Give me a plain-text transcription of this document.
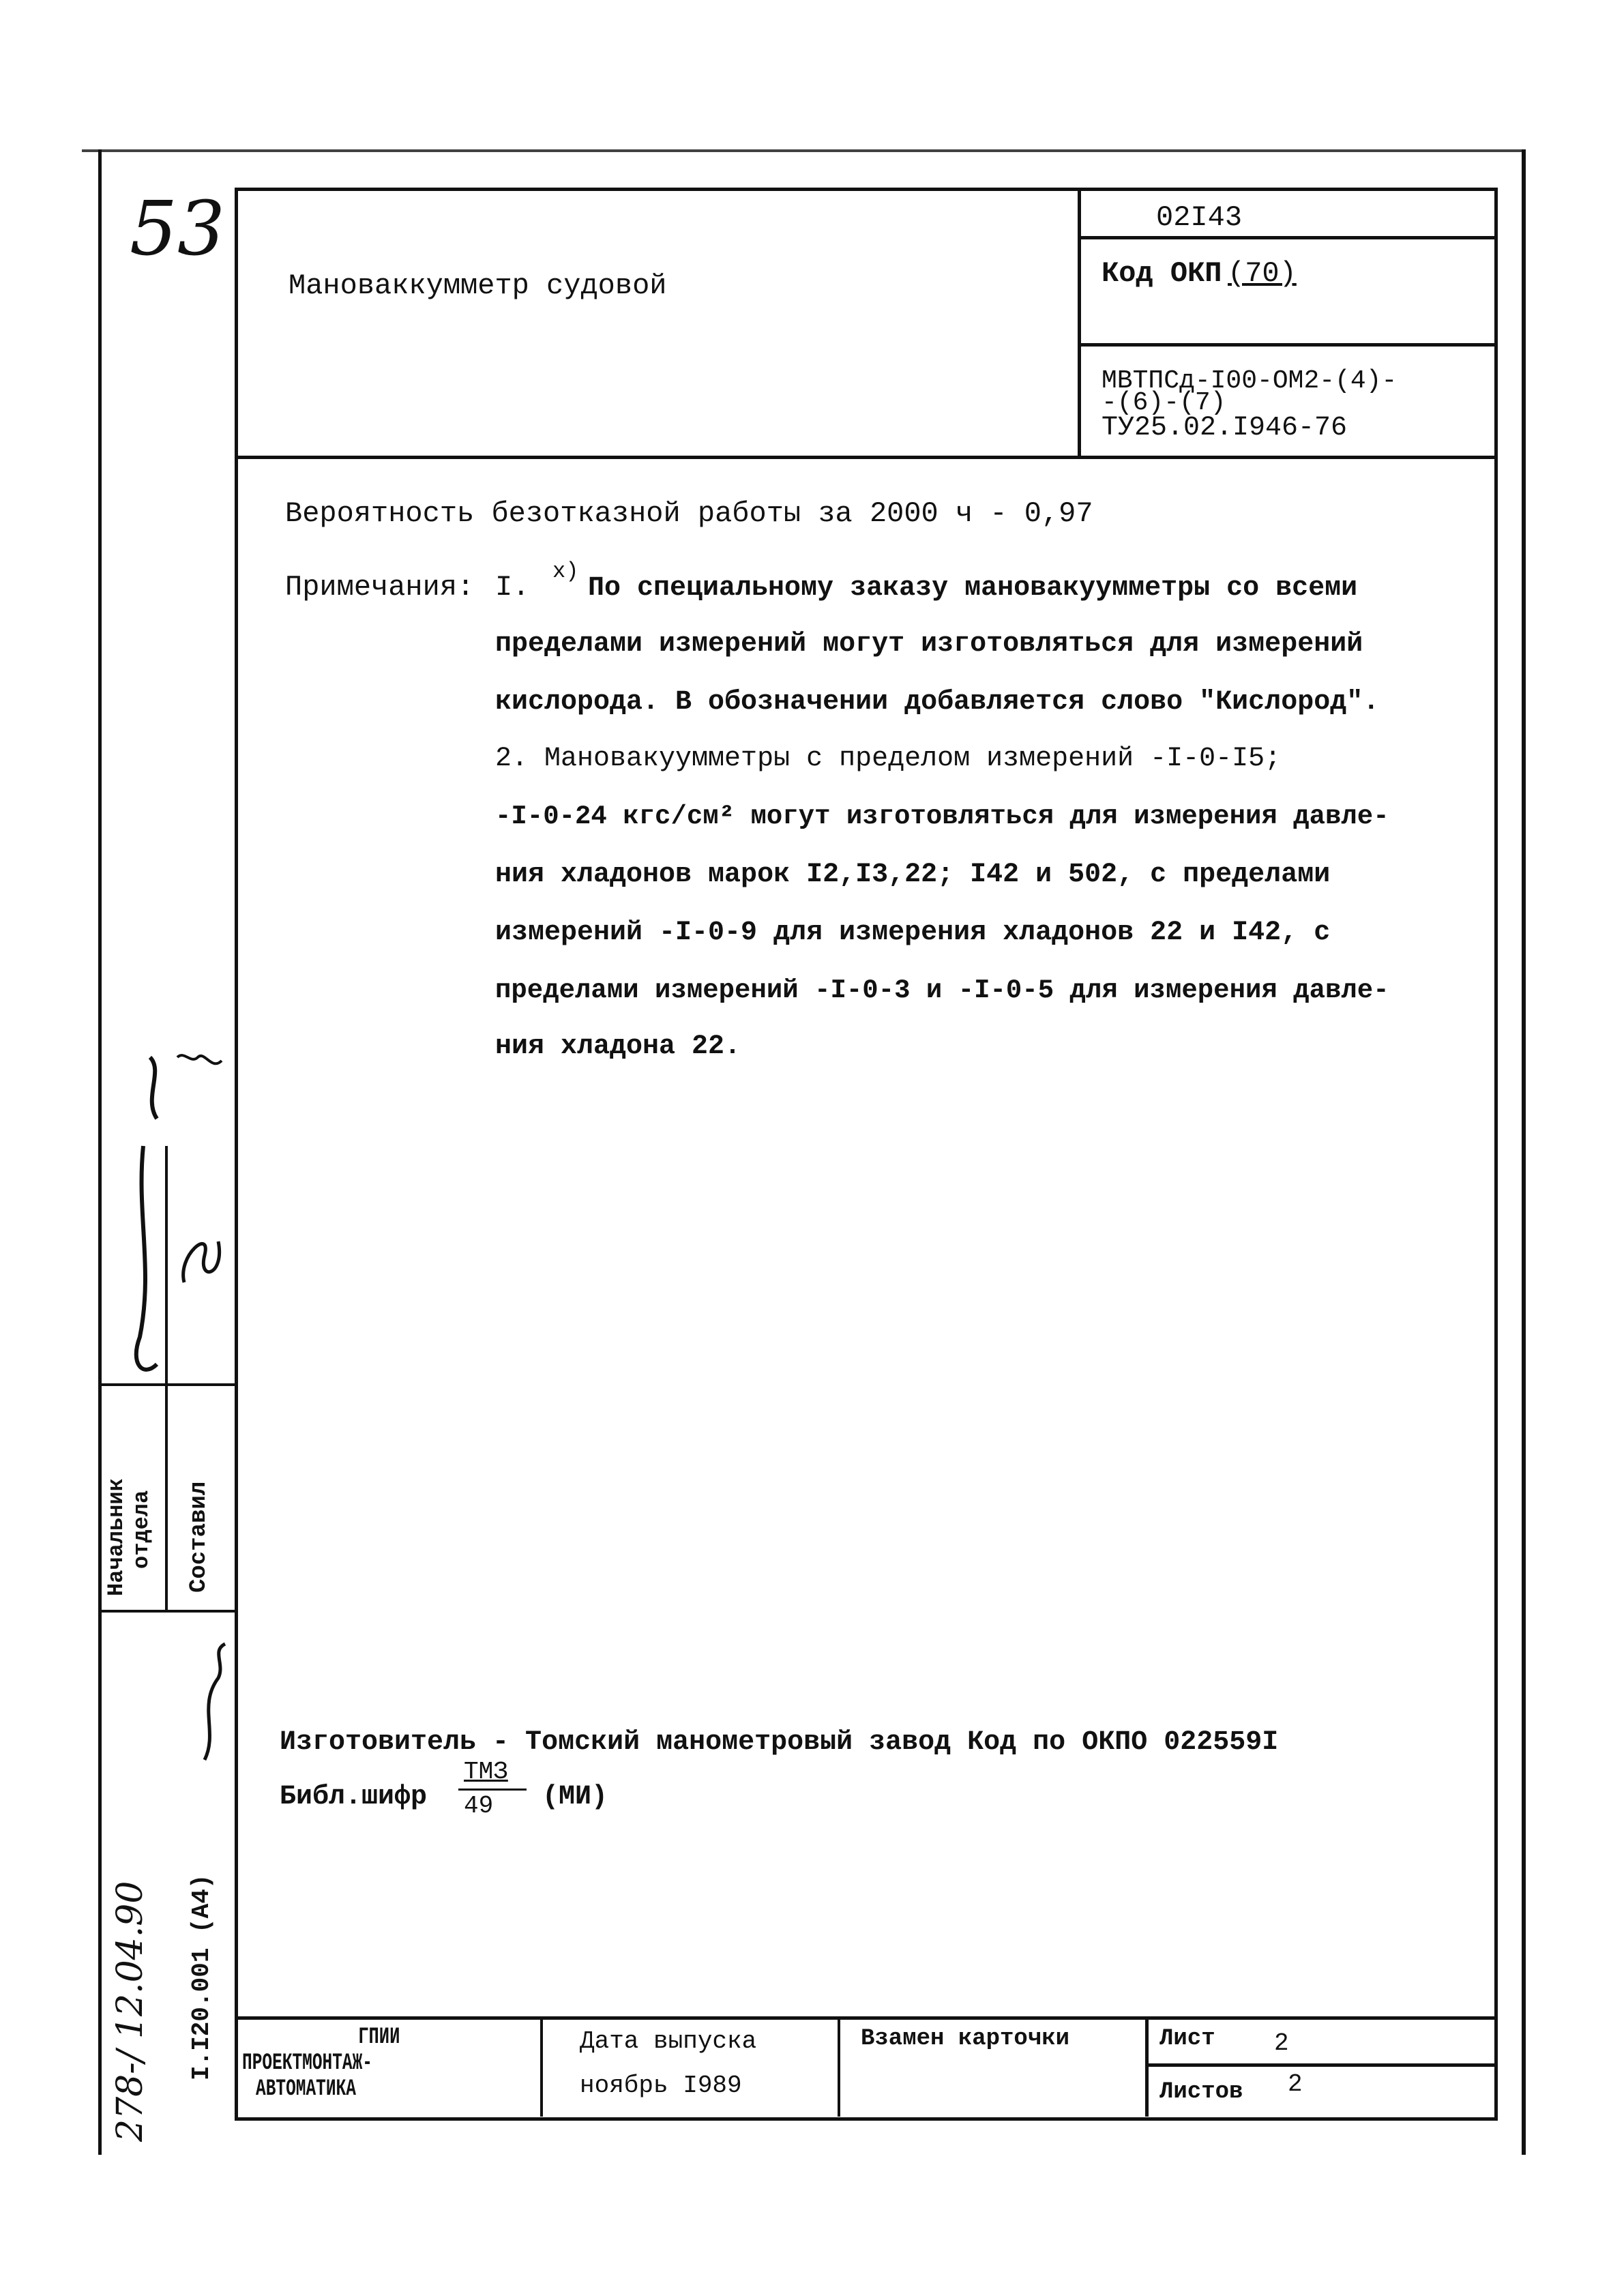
53
Мановаккумметр судовой
02I43
Код ОКП (70)
МВТПСд-I00-ОМ2-(4)-
-(6)-(7)
ТУ25.02.I946-76
Вероятность безотказной работы за 2000 ч - 0,97
Примечания: I. x)
По специальному заказу мановакуумметры со всеми
пределами измерений могут изготовляться для измерений
кислорода. В обозначении добавляется слово "Кислород".
2. Мановакуумметры с пределом измерений -I-0-I5;
-I-0-24 кгс/см² могут изготовляться для измерения давле-
ния хладонов марок I2,I3,22; I42 и 502, с пределами
измерений -I-0-9 для измерения хладонов 22 и I42, с
пределами измерений -I-0-3 и -I-0-5 для измерения давле-
ния хладона 22.
Изготовитель - Томский манометровый завод Код по ОКПО 022559I
Библ.шифр
ТМЗ
49 (МИ)
ГПИИ
ПРОЕКТМОНТАЖ-
АВТОМАТИКА
Дата выпуска
ноябрь I989
Взамен карточки	Лист 2
Листов 2
Начальник отдела Составил
I.I20.001 (A4)
278-/ 12.04.90
